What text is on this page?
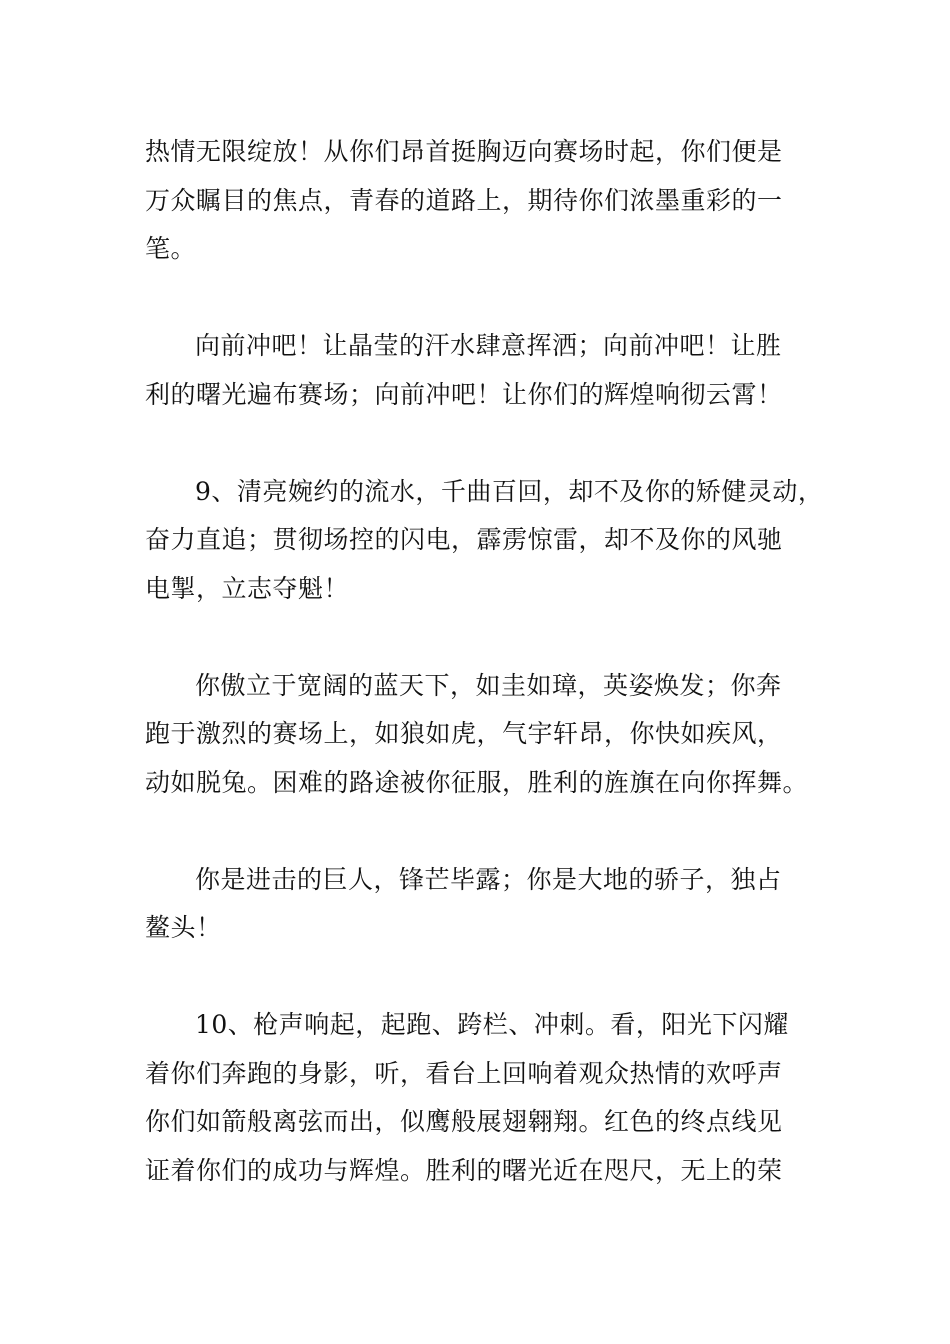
热情无限绽放！从你们昂首挺胸迈向赛场时起，你们便是
万众瞩目的焦点，青春的道路上，期待你们浓墨重彩的一
笔。

向前冲吧！让晶莹的汗水肆意挥洒；向前冲吧！让胜
利的曙光遍布赛场；向前冲吧！让你们的辉煌响彻云霄！

9、清亮婉约的流水，千曲百回，却不及你的矫健灵动，
奋力直追；贯彻场控的闪电，霹雳惊雷，却不及你的风驰
电掣，立志夺魁！

你傲立于宽阔的蓝天下，如圭如璋，英姿焕发；你奔
跑于激烈的赛场上，如狼如虎，气宇轩昂，你快如疾风，
动如脱兔。困难的路途被你征服，胜利的旌旗在向你挥舞。

你是进击的巨人，锋芒毕露；你是大地的骄子，独占
鳌头！

10、枪声响起，起跑、跨栏、冲刺。看，阳光下闪耀
着你们奔跑的身影，听，看台上回响着观众热情的欢呼声
你们如箭般离弦而出，似鹰般展翅翱翔。红色的终点线见
证着你们的成功与辉煌。胜利的曙光近在咫尺，无上的荣
